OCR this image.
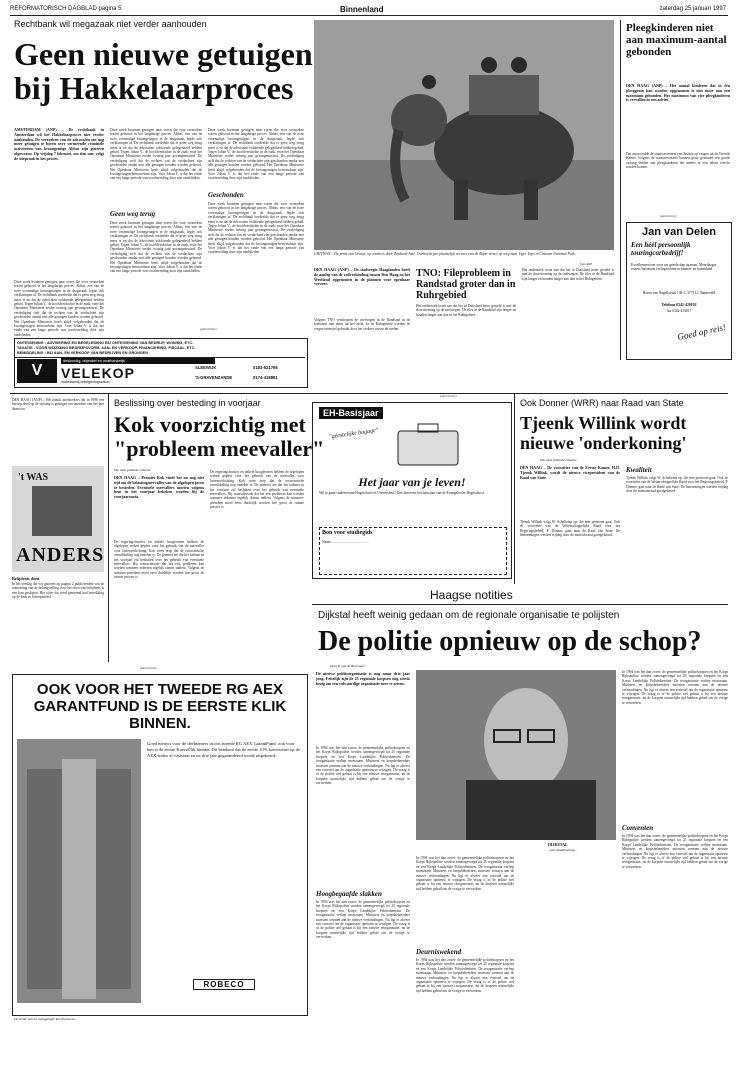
REFORMATORISCH DAGBLAD pagina 5	Binnenland	zaterdag 25 januari 1997
Rechtbank wil megazaak niet verder aanhouden
Geen nieuwe getuigen
bij Hakkelaarproces
AMSTERDAM (ANP) – De rechtbank in Amsterdam wil het Hakkelaarproces niet verder aanhouden. De verzoeken van de advocaten om nog meer getuigen te horen over vermeende criminele activiteiten van kroongetuige Abbas zijn gisteren afgewezen. Op vrijdag 7 februari, om tien uur, volgt de sitepraak in het proces.
Deze week kwamen getuigen naar voren die voor verzoeken waren gehoord in het langdurige proces. Abbas, een van de twee voormalige kroongetuigen in de drugszaak, legde ook verklaringen af. De rechtbank oordeelde dat er geen weg terug meer is en dat de advocaten voldoende gelegenheid hebben gehad. Tegen Johan V., de hoofdverdachte in de zaak, eiste het Openbaar Ministerie eerder twintig jaar gevangenisstraf. De verdediging stelt dat de rechten van de verdachten zijn geschonden omdat niet alle getuigen konden worden gehoord. Het Openbaar Ministerie heeft altijd volgehouden dat de kroongetuigen betrouwbaar zijn. Voor Johan V. is dat het einde van een lange periode van voorbereiding door zijn raadslieden.
Deze week kwamen getuigen naar voren die voor verzoeken waren gehoord in het langdurige proces. Abbas, een van de twee voormalige kroongetuigen in de drugszaak, legde ook verklaringen af. De rechtbank oordeelde dat er geen weg terug meer is en dat de advocaten voldoende gelegenheid hebben gehad. Tegen Johan V., de hoofdverdachte in de zaak, eiste het Openbaar Ministerie eerder twintig jaar gevangenisstraf. De verdediging stelt dat de rechten van de verdachten zijn geschonden omdat niet alle getuigen konden worden gehoord. Het Openbaar Ministerie heeft altijd volgehouden dat de kroongetuigen betrouwbaar zijn. Voor Johan V. is dat het einde van een lange periode van voorbereiding door zijn raadslieden.
Geen weg terug
Deze week kwamen getuigen naar voren die voor verzoeken waren gehoord in het langdurige proces. Abbas, een van de twee voormalige kroongetuigen in de drugszaak, legde ook verklaringen af. De rechtbank oordeelde dat er geen weg terug meer is en dat de advocaten voldoende gelegenheid hebben gehad. Tegen Johan V., de hoofdverdachte in de zaak, eiste het Openbaar Ministerie eerder twintig jaar gevangenisstraf. De verdediging stelt dat de rechten van de verdachten zijn geschonden omdat niet alle getuigen konden worden gehoord. Het Openbaar Ministerie heeft altijd volgehouden dat de kroongetuigen betrouwbaar zijn. Voor Johan V. is dat het einde van een lange periode van voorbereiding door zijn raadslieden.
Deze week kwamen getuigen naar voren die voor verzoeken waren gehoord in het langdurige proces. Abbas, een van de twee voormalige kroongetuigen in de drugszaak, legde ook verklaringen af. De rechtbank oordeelde dat er geen weg terug meer is en dat de advocaten voldoende gelegenheid hebben gehad. Tegen Johan V., de hoofdverdachte in de zaak, eiste het Openbaar Ministerie eerder twintig jaar gevangenisstraf. De verdediging stelt dat de rechten van de verdachten zijn geschonden omdat niet alle getuigen konden worden gehoord. Het Openbaar Ministerie heeft altijd volgehouden dat de kroongetuigen betrouwbaar zijn. Voor Johan V. is dat het einde van een lange periode van voorbereiding door zijn raadslieden.
Geschonden
Deze week kwamen getuigen naar voren die voor verzoeken waren gehoord in het langdurige proces. Abbas, een van de twee voormalige kroongetuigen in de drugszaak, legde ook verklaringen af. De rechtbank oordeelde dat er geen weg terug meer is en dat de advocaten voldoende gelegenheid hebben gehad. Tegen Johan V., de hoofdverdachte in de zaak, eiste het Openbaar Ministerie eerder twintig jaar gevangenisstraf. De verdediging stelt dat de rechten van de verdachten zijn geschonden omdat niet alle getuigen konden worden gehoord. Het Openbaar Ministerie heeft altijd volgehouden dat de kroongetuigen betrouwbaar zijn. Voor Johan V. is dat het einde van een lange periode van voorbereiding door zijn raadslieden.
(advertentie)
ONTEIGENING : ADVISERING EN BEGELEIDING BIJ ONTEIGENING VAN BEDRIJF, WONING, ETC.
TAXATIE : VOOR WIJZIGING BEDRIJFSVORM, AAN- EN VERKOOP, FINANCIERING, FISCAAL, ETC.
BEMIDDELING : BIJ AAN- EN VERKOOP VAN BEDRIJVEN EN GRONDEN
V
deskundig, objectief en onafhankelijk
VELEKOP
makelaardij onteigeningszaken
SLEEWIJK	0183-521766
'S-GRAVENZANDE	0174-418881
CHITWAN – De prins van Oranje, op rondreis door Zuidoost-Azië. Overtocht per plaatselijk vervoer van de Rapti-rivier, op weg naar Tiger Tops in Chitwan National Park.
foto ANP
DEN HAAG (ANP) – De stadsregio Haaglanden heeft de aanleg van de railverbinding tussen Den Haag en het Westland opgenomen in de plannen voor openbaar vervoer.
Volgens TNO verdwijnen de snelwegen in de Randstad in de toekomst niet meer uit het zicht. In de Ruhrgebied worden de wegen intensief gebruikt door het verkeer tussen de steden.
TNO: Fileprobleem in Randstad groter dan in Ruhrgebied
Het onderzoek toont aan dat het in Duitsland beter gesteld is met de doorstroming op de snelwegen. De files in de Randstad zijn langer en houden langer aan dan in het Ruhrgebied.
Het onderzoek toont aan dat het in Duitsland beter gesteld is met de doorstroming op de snelwegen. De files in de Randstad zijn langer en houden langer aan dan in het Ruhrgebied.
Pleegkinderen niet aan maximum-aantal gebonden
DEN HAAG (ANP) – Het aantal kinderen dat in één pleeggezin kan worden opgenomen is niet meer aan een maximum gebonden. Het maximum van vier pleegkinderen is vervallen in een advies.
Dat antwoordde de staatssecretaris van Justitie op vragen uit de Tweede Kamer. Volgens de staatssecretaris kunnen grote gezinnen een goede opvang bieden aan pleegkinderen die anders in een tehuis terecht zouden komen.
(advertentie)
Jan van Delen
Een héél persoonlijk touringcarbedrijf!
Excellentvervoer voor uw gezelschap op maat. Meerdaagse reizen, busreizen en dagtochten in binnen- en buitenland.
Baron van Nagellstraat 138-1, 3771 LL Barneveld
Telefoon 0342-420102
fax 0342-414817
Goed op reis!
DEN HAAG (ANP) – Het aantal asielzoekers dat in 1996 een beroep deed op de opvang is gestegen ten opzichte van het jaar daarvoor.
't WAS
ANDERS
Belijdenis doen
In het verslag dat wij gisteren op pagina 2 publiceerden van de toeneming van de belangstelling voor het doen van belijdenis is een fout geslopen. Het cijfer dat werd genoemd had betrekking op de kerk in Scherpenzeel.
Beslissing over besteding in voorjaar
Kok voorzichtig met
"probleem meevaller"
Van onze politieke redactie
DEN HAAG – Premier Kok vindt het nu nog niet tijd om de belastingmeevaller van de afgelopen jaren te besteden. Eventuele meevallers moeten volgens hem in het voorjaar bekeken worden bij de voorjaarsnota.
De regeringsfracties en enkele hoogleraren hebben de afgelopen weken gepleit voor het gebruik van de meevaller voor lastenverlichting. Kok wees erop dat de economische ontwikkeling nog onzeker is. De premier zei dat het kabinet in het voorjaar zal besluiten over het gebruik van eventuele meevallers. Hij waarschuwde dat het een probleem kan worden wanneer iedereen tegelijk claims indient. Volgens de minister-president moet eerst duidelijk worden hoe groot de ruimte precies is.
De regeringsfracties en enkele hoogleraren hebben de afgelopen weken gepleit voor het gebruik van de meevaller voor lastenverlichting. Kok wees erop dat de economische ontwikkeling nog onzeker is. De premier zei dat het kabinet in het voorjaar zal besluiten over het gebruik van eventuele meevallers. Hij waarschuwde dat het een probleem kan worden wanneer iedereen tegelijk claims indient. Volgens de minister-president moet eerst duidelijk worden hoe groot de ruimte precies is.
(advertentie)
EH-Basisjaar
"geestelijke bagage"
Het jaar van je leven!
Wil je gaan studeren aan Hogeschool of Universiteit? Doe dan eerst het basisjaar van de Evangelische Hogeschool.
Bon voor studiegids
Naam ..........................................
Haagse notities
Ook Donner (WRR) naar Raad van State
Tjeenk Willink wordt
nieuwe 'onderkoning'
Van onze politieke redactie
DEN HAAG – De voorzitter van de Eerste Kamer, H.D. Tjeenk Willink, wordt de nieuwe vicepresident van de Raad van State.
Tjeenk Willink volgt W. Scheltema op, die met pensioen gaat. Ook de voorzitter van de Wetenschappelijke Raad voor het Regeringsbeleid, P. Donner, gaat naar de Raad van State. De benoemingen werden vrijdag door de ministerraad goedgekeurd.
Kwaliteit
Tjeenk Willink volgt W. Scheltema op, die met pensioen gaat. Ook de voorzitter van de Wetenschappelijke Raad voor het Regeringsbeleid, P. Donner, gaat naar de Raad van State. De benoemingen werden vrijdag door de ministerraad goedgekeurd.
(advertentie)
OOK VOOR HET TWEEDE RG AEX GARANTFUND IS DE EERSTE KLIK BINNEN.
Goed nieuws voor de deelnemers in ons tweede RG AEX GarantFund: ook voor hen is de eerste KoersKlik binnen. Dit betekent dat de eerste 10% koerswinst op de AEX-index al vaststaat en na drie jaar gegarandeerd wordt uitgekeerd.
ROBECO
De eerste van uw beleggingen kan fluctueren.
Dijkstal heeft weinig gedaan om de regionale organisatie te polijsten
De politie opnieuw op de schop?
Door P. van de Breevaart
De nieuwe politieorganisatie is nog maar drie jaar jong. Feitelijk zijn de 25 regionale korpsen nog steeds bezig om een volwaardige organisatie neer te zetten.
In 1994 was het dan zover: de gemeentelijke politiekorpsen en het Korps Rijkspolitie werden samengevoegd tot 25 regionale korpsen en een Korps Landelijke Politiediensten. De reorganisatie verliep moeizaam. Ministers en korpsbeheerders moesten wennen aan de nieuwe verhoudingen. Nu ligt er alweer een voorstel om de organisatie opnieuw te wijzigen. De vraag is of de politie wel gebaat is bij een nieuwe reorganisatie, nu de korpsen nauwelijks tijd hebben gehad om de vorige te verwerken.
DIJKSTAL
...niet daadkrachtig...
In 1994 was het dan zover: de gemeentelijke politiekorpsen en het Korps Rijkspolitie werden samengevoegd tot 25 regionale korpsen en een Korps Landelijke Politiediensten. De reorganisatie verliep moeizaam. Ministers en korpsbeheerders moesten wennen aan de nieuwe verhoudingen. Nu ligt er alweer een voorstel om de organisatie opnieuw te wijzigen. De vraag is of de politie wel gebaat is bij een nieuwe reorganisatie, nu de korpsen nauwelijks tijd hebben gehad om de vorige te verwerken.
Hoogbegaafde slakken
In 1994 was het dan zover: de gemeentelijke politiekorpsen en het Korps Rijkspolitie werden samengevoegd tot 25 regionale korpsen en een Korps Landelijke Politiediensten. De reorganisatie verliep moeizaam. Ministers en korpsbeheerders moesten wennen aan de nieuwe verhoudingen. Nu ligt er alweer een voorstel om de organisatie opnieuw te wijzigen. De vraag is of de politie wel gebaat is bij een nieuwe reorganisatie, nu de korpsen nauwelijks tijd hebben gehad om de vorige te verwerken.
Deurniswekend
In 1994 was het dan zover: de gemeentelijke politiekorpsen en het Korps Rijkspolitie werden samengevoegd tot 25 regionale korpsen en een Korps Landelijke Politiediensten. De reorganisatie verliep moeizaam. Ministers en korpsbeheerders moesten wennen aan de nieuwe verhoudingen. Nu ligt er alweer een voorstel om de organisatie opnieuw te wijzigen. De vraag is of de politie wel gebaat is bij een nieuwe reorganisatie, nu de korpsen nauwelijks tijd hebben gehad om de vorige te verwerken.
In 1994 was het dan zover: de gemeentelijke politiekorpsen en het Korps Rijkspolitie werden samengevoegd tot 25 regionale korpsen en een Korps Landelijke Politiediensten. De reorganisatie verliep moeizaam. Ministers en korpsbeheerders moesten wennen aan de nieuwe verhoudingen. Nu ligt er alweer een voorstel om de organisatie opnieuw te wijzigen. De vraag is of de politie wel gebaat is bij een nieuwe reorganisatie, nu de korpsen nauwelijks tijd hebben gehad om de vorige te verwerken.
Conventen
In 1994 was het dan zover: de gemeentelijke politiekorpsen en het Korps Rijkspolitie werden samengevoegd tot 25 regionale korpsen en een Korps Landelijke Politiediensten. De reorganisatie verliep moeizaam. Ministers en korpsbeheerders moesten wennen aan de nieuwe verhoudingen. Nu ligt er alweer een voorstel om de organisatie opnieuw te wijzigen. De vraag is of de politie wel gebaat is bij een nieuwe reorganisatie, nu de korpsen nauwelijks tijd hebben gehad om de vorige te verwerken.
